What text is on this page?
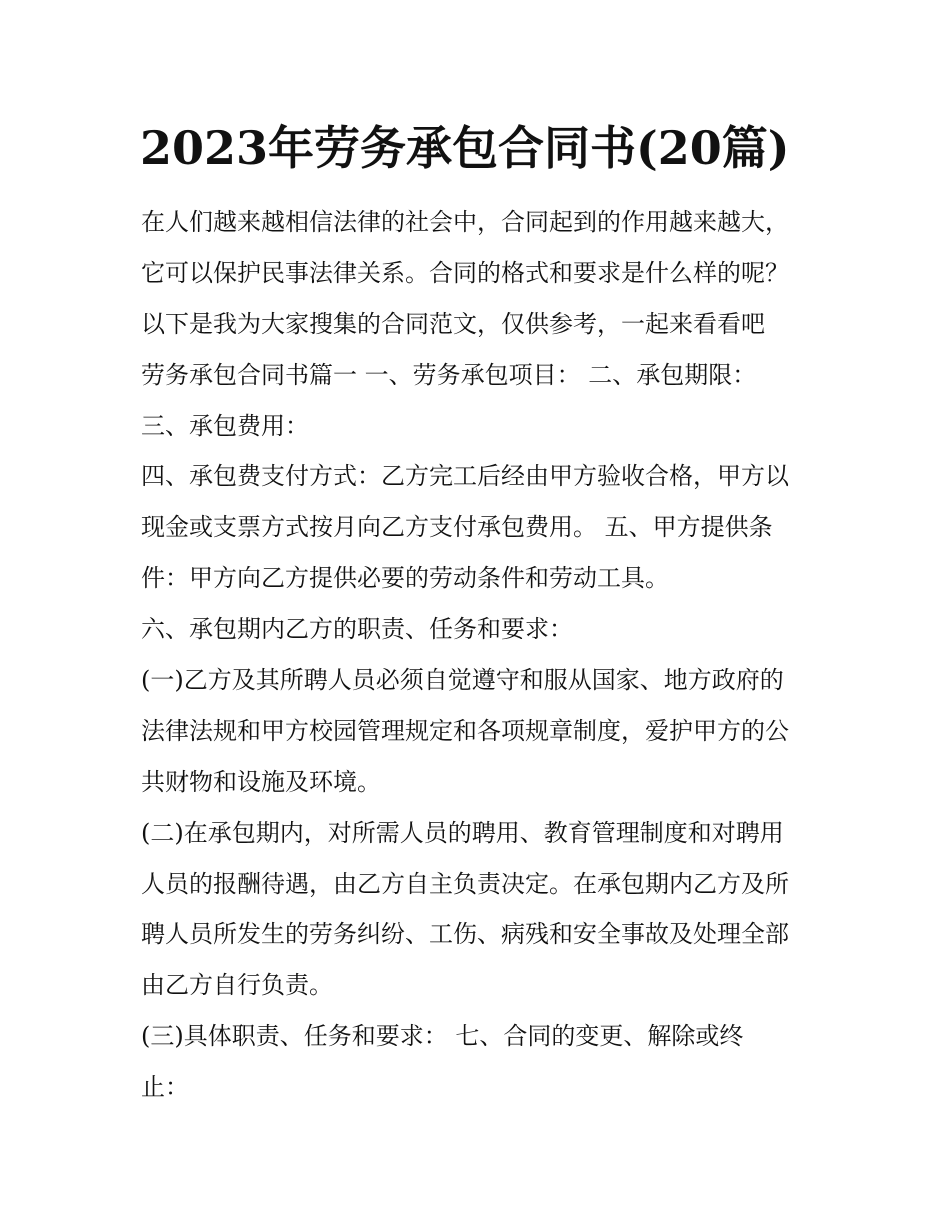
2023年劳务承包合同书(20篇)
在人们越来越相信法律的社会中，合同起到的作用越来越大，
它可以保护民事法律关系。合同的格式和要求是什么样的呢？
以下是我为大家搜集的合同范文，仅供参考，一起来看看吧
劳务承包合同书篇一 一、劳务承包项目： 二、承包期限：
三、承包费用：
四、承包费支付方式：乙方完工后经由甲方验收合格，甲方以
现金或支票方式按月向乙方支付承包费用。 五、甲方提供条
件：甲方向乙方提供必要的劳动条件和劳动工具。
六、承包期内乙方的职责、任务和要求：
(一)乙方及其所聘人员必须自觉遵守和服从国家、地方政府的
法律法规和甲方校园管理规定和各项规章制度，爱护甲方的公
共财物和设施及环境。
(二)在承包期内，对所需人员的聘用、教育管理制度和对聘用
人员的报酬待遇，由乙方自主负责决定。在承包期内乙方及所
聘人员所发生的劳务纠纷、工伤、病残和安全事故及处理全部
由乙方自行负责。
(三)具体职责、任务和要求： 七、合同的变更、解除或终
止：
